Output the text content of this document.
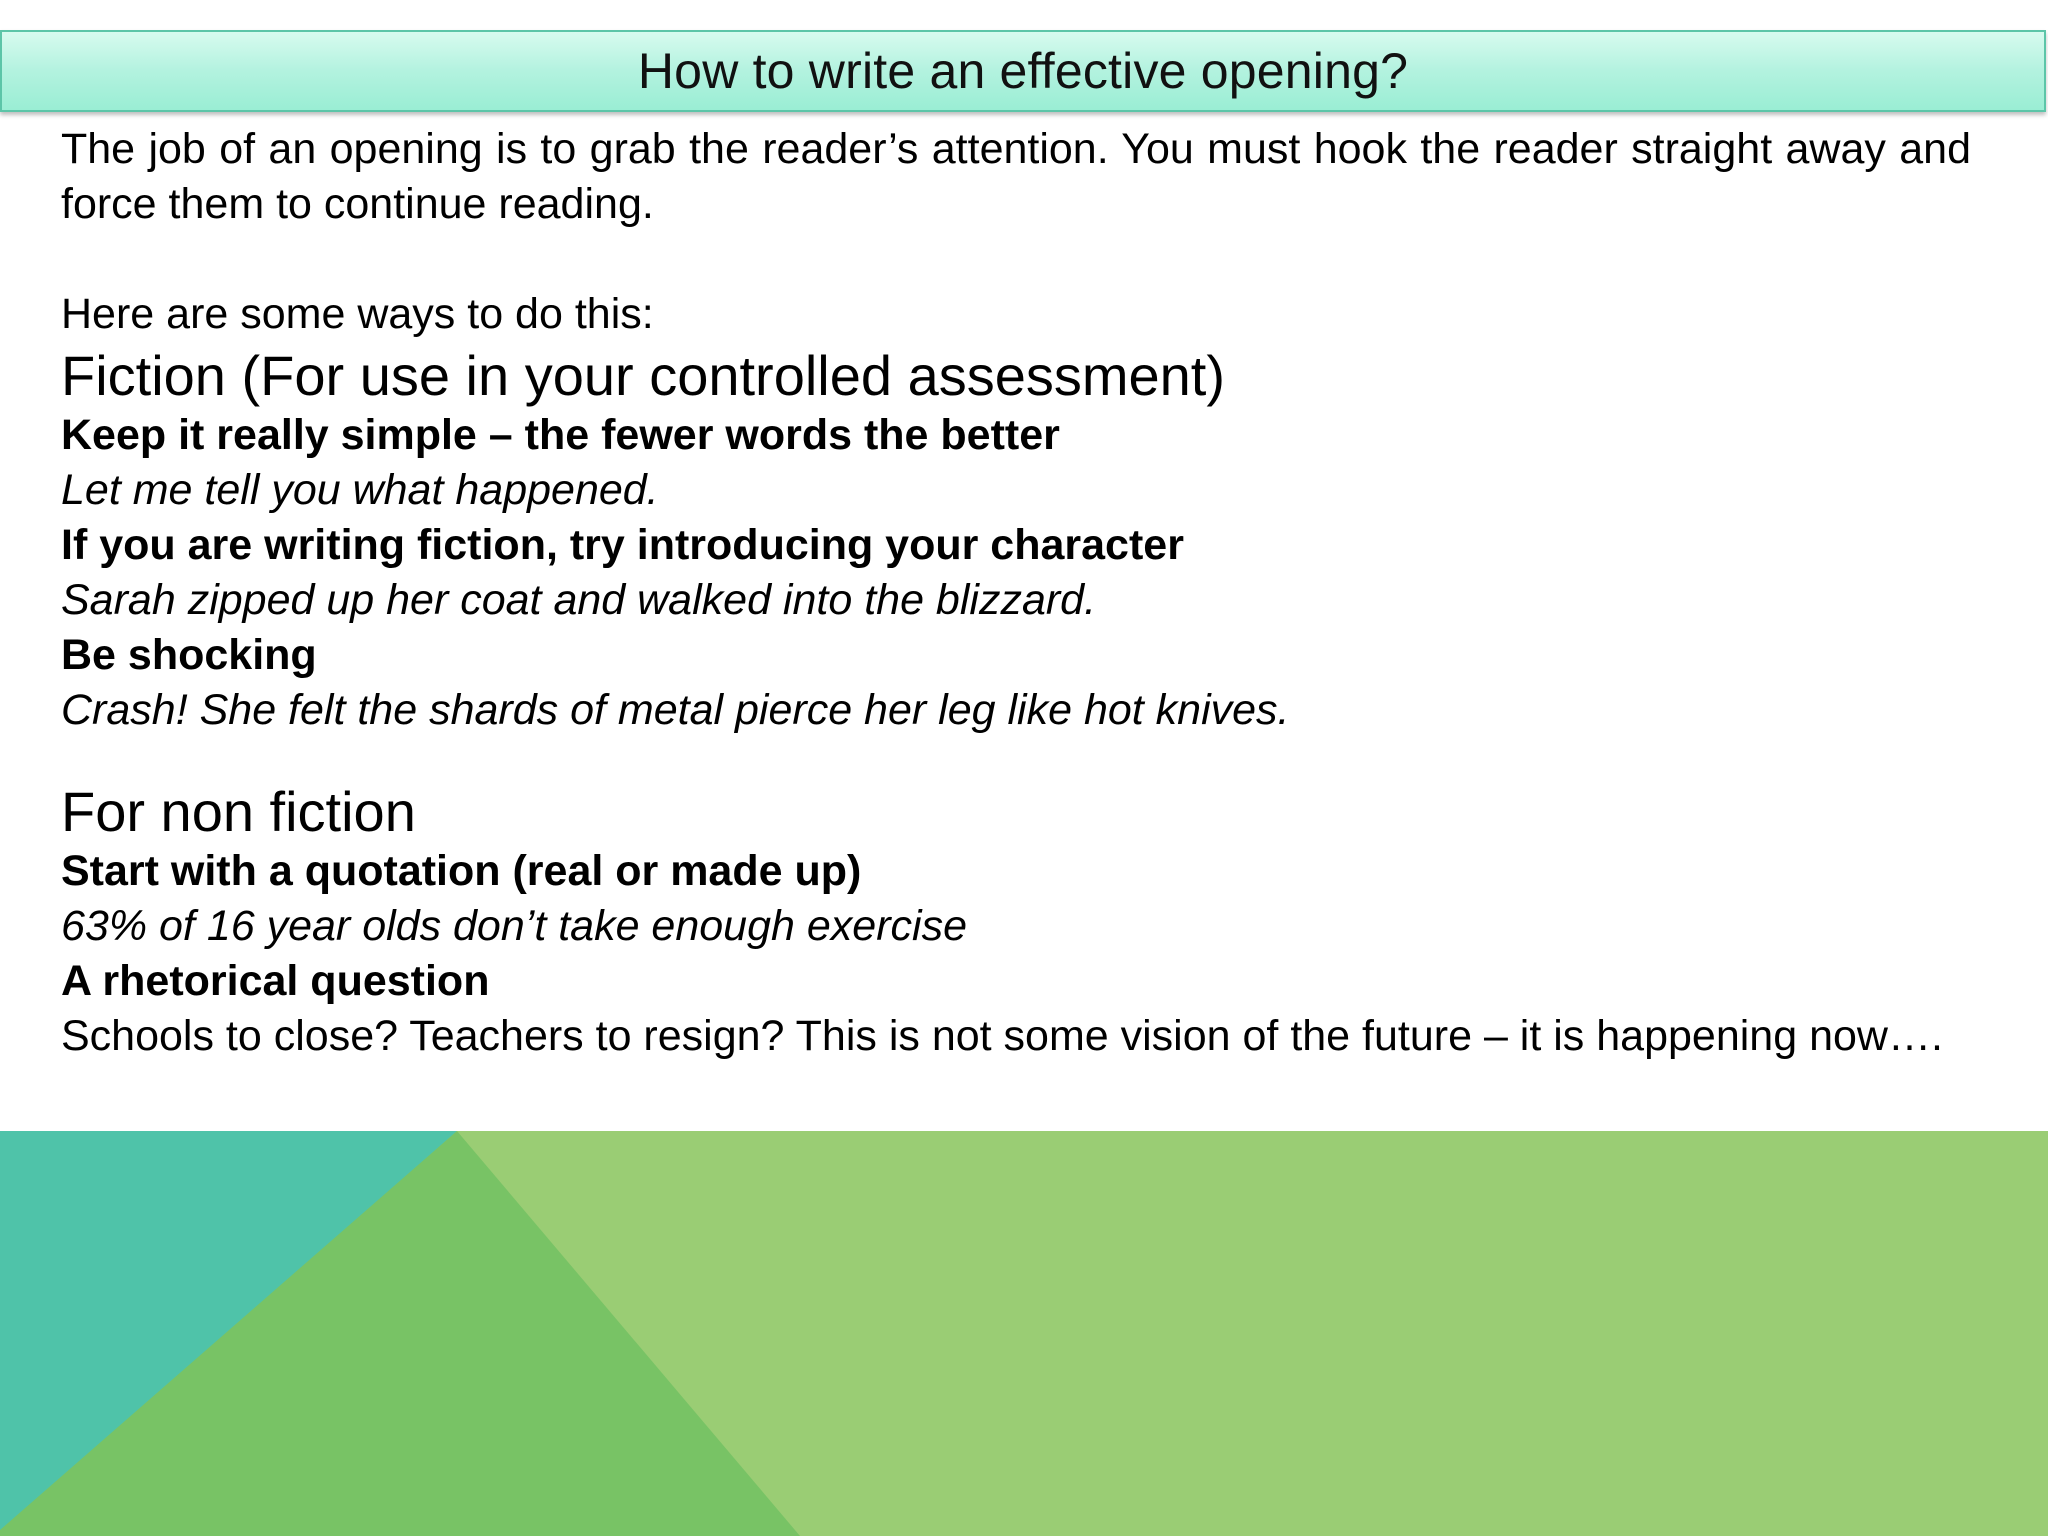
How to write an effective opening?
The job of an opening is to grab the reader’s attention. You must hook the reader straight away and force them to continue reading.
Here are some ways to do this:
Fiction (For use in your controlled assessment)
Keep it really simple – the fewer words the better
Let me tell you what happened.
If you are writing fiction, try introducing your character
Sarah zipped up her coat and walked into the blizzard.
Be shocking
Crash! She felt the shards of metal pierce her leg like hot knives.
For non fiction
Start with a quotation (real or made up)
63% of 16 year olds don’t take enough exercise
A rhetorical question
Schools to close? Teachers to resign? This is not some vision of the future – it is happening now….
